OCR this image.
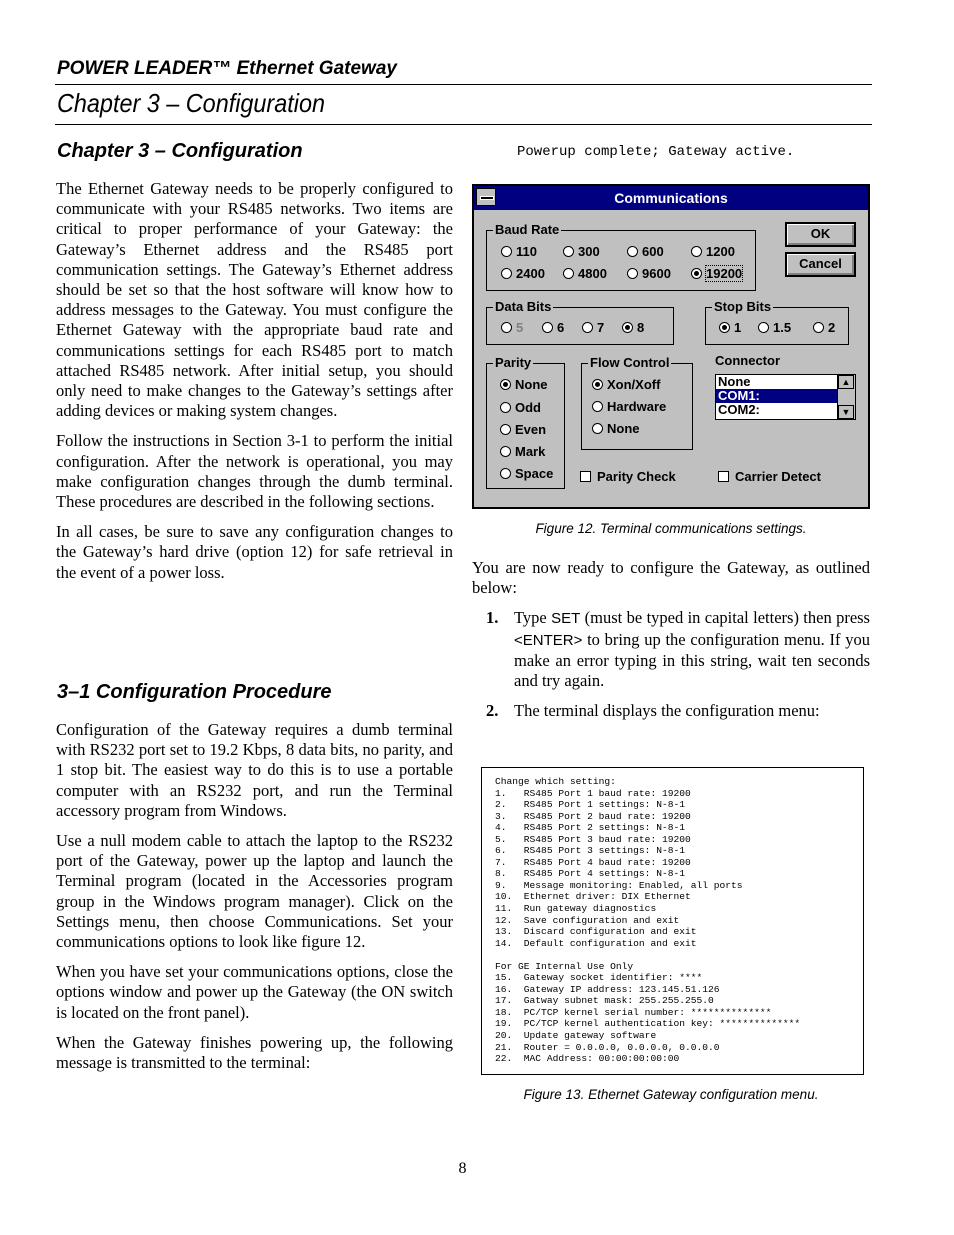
POWER LEADER™ Ethernet Gateway
Chapter 3 – Configuration
Chapter 3 – Configuration

The Ethernet Gateway needs to be properly configured to communicate with your RS485 networks. Two items are critical to proper performance of your Gateway: the Gateway’s Ethernet address and the RS485 port communication settings. The Gateway’s Ethernet address should be set so that the host software will know how to address messages to the Gateway. You must configure the Ethernet Gateway with the appropriate baud rate and communications settings for each RS485 port to match attached RS485 network. After initial setup, you should only need to make changes to the Gateway’s settings after adding devices or making system changes.

Follow the instructions in Section 3-1 to perform the initial configuration. After the network is operational, you may make configuration changes through the dumb terminal. These procedures are described in the following sections.

In all cases, be sure to save any configuration changes to the Gateway’s hard drive (option 12) for safe retrieval in the event of a power loss.

3–1 Configuration Procedure

Configuration of the Gateway requires a dumb terminal with RS232 port set to 19.2 Kbps, 8 data bits, no parity, and 1 stop bit. The easiest way to do this is to use a portable computer with an RS232 port, and run the Terminal accessory program from Windows.

Use a null modem cable to attach the laptop to the RS232 port of the Gateway, power up the laptop and launch the Terminal program (located in the Accessories program group in the Windows program manager). Click on the Settings menu, then choose Communications. Set your communications options to look like figure 12.

When you have set your communications options, close the options window and power up the Gateway (the ON switch is located on the front panel).

When the Gateway finishes powering up, the following message is transmitted to the terminal:

Powerup complete; Gateway active.
Communications
Baud Rate
110	300	600	1200
2400	4800	9600	19200
OK
Cancel
Data Bits
5	6	7	8
Stop Bits
1	1.5	2
Parity
None
Odd
Even
Mark
Space
Flow Control
Xon/Xoff
Hardware
None
Connector
None
COM1:
COM2:
▲
▼
Parity Check	Carrier Detect
Figure 12. Terminal communications settings.

You are now ready to configure the Gateway, as outlined below:

1. Type SET (must be typed in capital letters) then press <ENTER> to bring up the configuration menu. If you make an error typing in this string, wait ten seconds and try again.
2. The terminal displays the configuration menu:
Change which setting:
1.   RS485 Port 1 baud rate: 19200
2.   RS485 Port 1 settings: N-8-1
3.   RS485 Port 2 baud rate: 19200
4.   RS485 Port 2 settings: N-8-1
5.   RS485 Port 3 baud rate: 19200
6.   RS485 Port 3 settings: N-8-1
7.   RS485 Port 4 baud rate: 19200
8.   RS485 Port 4 settings: N-8-1
9.   Message monitoring: Enabled, all ports
10.  Ethernet driver: DIX Ethernet
11.  Run gateway diagnostics
12.  Save configuration and exit
13.  Discard configuration and exit
14.  Default configuration and exit
For GE Internal Use Only
15.  Gateway socket identifier: ****
16.  Gateway IP address: 123.145.51.126
17.  Gatway subnet mask: 255.255.255.0
18.  PC/TCP kernel serial number: **************
19.  PC/TCP kernel authentication key: **************
20.  Update gateway software
21.  Router = 0.0.0.0, 0.0.0.0, 0.0.0.0
22.  MAC Address: 00:00:00:00:00
Figure 13. Ethernet Gateway configuration menu.
8
